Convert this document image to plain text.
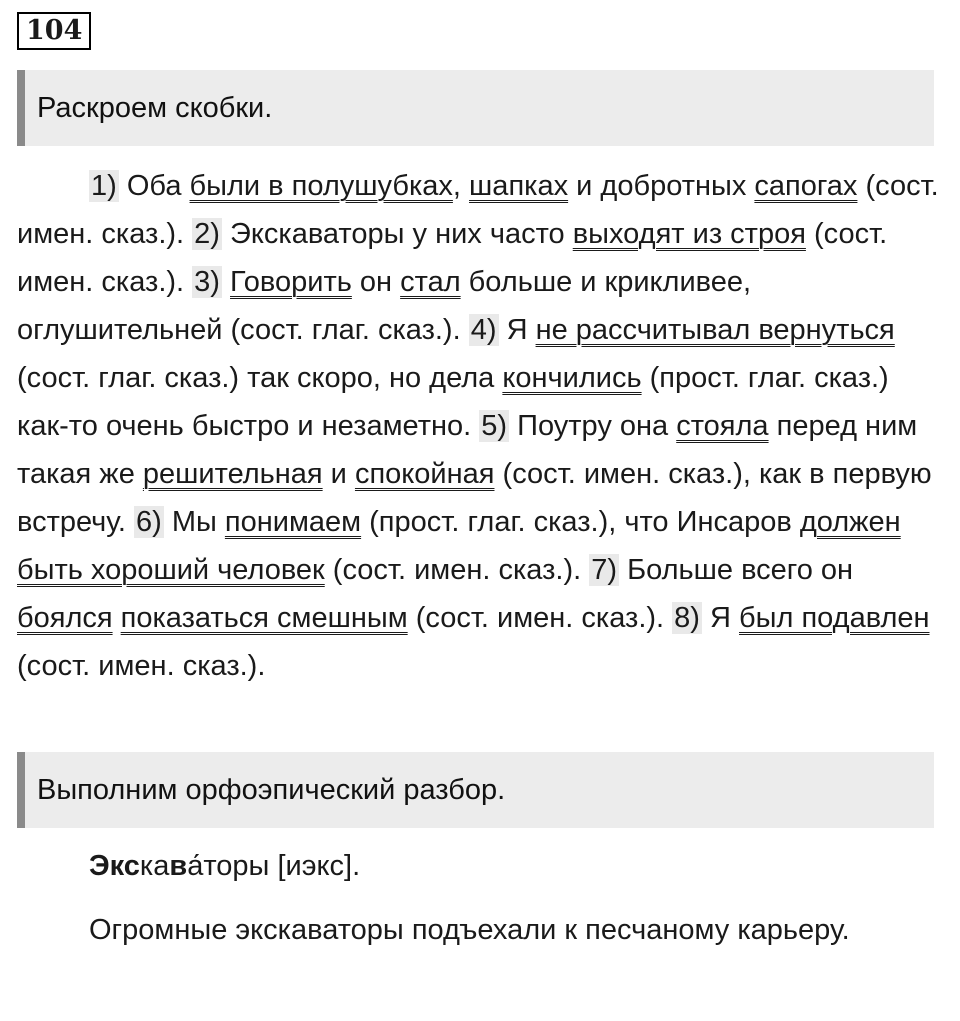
104
Раскроем скобки.
1) Оба были в полушубках, шапках и добротных сапогах (сост. имен. сказ.). 2) Экскаваторы у них часто выходят из строя (сост. имен. сказ.). 3) Говорить он стал больше и крикливее, оглушительней (сост. глаг. сказ.). 4) Я не рассчитывал вернуться (сост. глаг. сказ.) так скоро, но дела кончились (прост. глаг. сказ.) как-то очень быстро и незаметно. 5) Поутру она стояла перед ним такая же решительная и спокойная (сост. имен. сказ.), как в первую встречу. 6) Мы понимаем (прост. глаг. сказ.), что Инсаров должен быть хороший человек (сост. имен. сказ.). 7) Больше всего он боялся показаться смешным (сост. имен. сказ.). 8) Я был подавлен (сост. имен. сказ.).
Выполним орфоэпический разбор.
Экскава́торы [иэкс].
Огромные экскаваторы подъехали к песчаному карьеру.
